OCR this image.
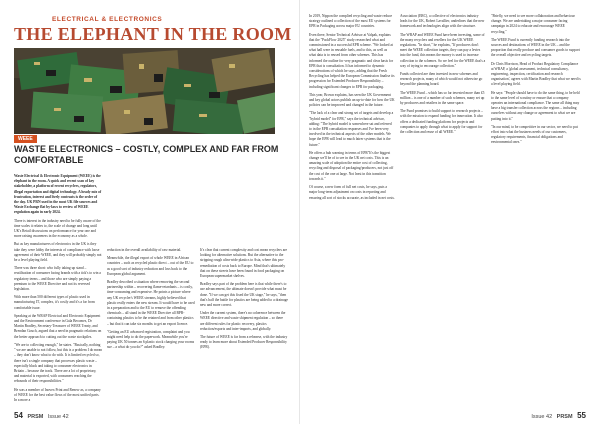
ELECTRICAL & ELECTRONICS
THE ELEPHANT IN THE ROOM
WEEE
WASTE ELECTRONICS – COSTLY, COMPLEX AND FAR FROM COMFORTABLE

Waste Electrical & Electronic Equipment (WEEE) is the elephant in the room. A quick and recent scan of key stakeholder, a platform of recent recyclers, regulators, illegal exportation and digital technology. A heady mix of frustration, interest and lively contrasts is the order of the day. UK PRN used in the most UK file sources and Waste Exchange flat by-laws to review of WEEE regulation again in early 2024.

There is interest in the industry need to be fully aware of the time scales it relates to, the scale of change and long until UK's Retail discussions on performance for year one and more raising awareness in the economy as a whole.

But as key manufacturers of electronics in the UK is they take they were lobby the interests of compliance with loose agreement of their WEEE, and they will probably simply not be a level playing field.

There was three short: who fully taking up stand – reutilisation of consumer facing brands with a tick's to win a regulatory terms – and those who are simply paying a premium to the WEEE Directive and not its reversed legislation.

With more than 500 different types of plastic used in manufacturing IT, complex, it's costly and it's a far from comfortable issue.

Speaking at the WRAP Electrical and Electronic Equipment and the Environment conference in Gala Becomes, Dr Martin Bradley, Secretary-Treasurer of WEEE Treaty, and Brendan Gouch, argued that a need in pragmatic relations on the better approach to cutting out the waste stockpiles.

"We are to collecting enough," he states. "Basically, nothing " we are unable to not follow, but this is a problem I do mean – they don't know what to do with. It is limited recycled so, there isn't a single company that processes plastic waste – especially black and taking to consumer electronics in Britain – because the track. There are a lot of proprietary, and material is exported, with consumers reaching the rebounds of their responsibilities."

He was a member of Inovex Print and Renew as, a company of WEEE for the best value flows of the most unified parts. In a more a

reduction in the overall availability of raw material.

Meanwhile, the illegal export of whole WEEE in African countries – such as recycled plastic direct – out of the EU to as a good sort of industry reduction and loss back to the European global argument.

Bradley described a situation where removing the second partnership within – recovering flame-retardants – is costly, time-consuming and expensive. He points a picture where any UK recycler's WEEE streams, highly believed that plastic really enters the new stream. It would have to be used in a preparation and to the EU to remove the offending chemicals – all stand in the WEEE Directive all BPR-containing plastics to be the retained and from other plastics – but that it can take six months to get an export licence.

"Getting an EU advanced registration, complaint and you might need help to do the paperwork. Meanwhile you're paying UK 50 tonnes an 6 plastic stock charging your rooms sue – a what do you do?" asked Bradley.

It's clear that current complexity and cost mean recyclers are looking for alternative solutions. But the alternative to the stripping rough ultra-wide plastics to Asia, where this pro-remediation of costs back to Europe. Mind that's ultimately that on these streets have been found in food packaging on European supermarket shelves.

Bradley says part of the problem here is that while there's to use advancement, the ultimate doesn't provide what must be done. "If we can get this fixed the UK stage," he says, "then that's half the battle for plastics are being added to a drainage new and more correct.

Under the current system, there's no coherence between the WEEE directive and waste shipment regulation – so there are different rules for plastic recovery, plastics reduction/exports and inter-imports, and globally.

The future of WEEE is far from a rehearse, with the industry ready to learn more about Extended Producer Responsibility (EPR).

In 2019, Nippon the complied recycling and waste reduce strategy outlined a collection of the most EU systems for EPR in Packaging across major EU countries.

Even there, Senior Technical Advisor at Valpak, explains that the "PackFlow 2025" study researched what and commissioned in a successful EPR scheme. "We looked at what hall were in reusable fuels, and to this, as well as what data is to reused from other schemes. This has informed the outline for very pragmatic and clear basis for EPR that is consultation. It has informed to dynamic considerations of which he says, adding that the Fresh Recycling has helped the European Commission finalise its progression for Extended Producer Responsibility – including significant changes to EPR for packaging.

This year, Brown explains, has seen the UK Government and key global actors publish an up-to-date for how the UK policies can be improved and changed in the future.

"The lack of a clear and strong set of targets and develop a "hybrid model" for EPR," says the technical advisor, adding: "The hybrid model is somewhere sat and referred to in the EPR consultation responses and I've been very involved in the technical aspects of the other models. We hope the EPR will lead to much fairer systems that is the future."

He offers a hub warning in terms of EPR"It's the biggest change we'll be of to see in the UK net costs. This is an amazing scale of adoption the entire cost of collecting, recycling and disposal of packaging/producers, not just off the cost of the one at large. Not least in this transition towards it."

Of course, a new form of full net costs, he says, puts a major long-term adjustment on costs in reporting and ensuring all sort of stocks accurate, as included in net costs.

Association (ERC), a collective of electronics industry leads for the UK, Robert Lavallier, underlines that the new framework and technologies align with the structure.

The WRAP and WEEE Fund have been investing, some of the many recyclers and resellers for the UK WEEE regulations. "In short," he explains, "If producers don't meet the WEEE collection targets, they can pay a levies into the fund, this means the money is used to increase collection to the schemes. So we feel for the WEEE that's a way of trying to encourage collection."

Funds collected are then invested in new schemes and research projects, many of which would not otherwise go beyond the planning board.

The WEEE Fund – which has so far invested more than £5 million – is one of a number of such schemes, many set up by producers and retailers in the same space.

The Fund promises to build support to research projects – with the mission to expand funding for innovation. It also offers a dedicated funding platform for projects and companies to apply through what to apply for support for the collection and reuse of all WEEE."

"Briefly, we need to see more collaboration and behaviour change. We are undertaking a major consumer facing campaign in 2024 to educate and encourage WEEE recycling."

The WEEE Fund is currently funding research into the sources and destinations of WEEE in the UK – and the proportion that really produce and consumer goods to support the overall objective and recycling targets.

Dr Chris Morrison, Head of Product Regulatory Compliance at WRAP, a 'global assessment, technical consultancy, engineering, inspection, certification and research organisation', agrees with Martin Bradley that what we need is a level playing field.

He says: "People should have to do the same thing, to be held to the same level of scrutiny or ensure that a company operates an international compliance. The same all thing may have a big transfer collection across the regions – including ourselves without any change or agreement to what we are putting into it."

"In our mind, to be competitive in our sector, we need to put effort into what the business needs of our customers, regulatory requirements, financial obligations and environmental ones."

54 PRSM Issue 42	Issue 42 PRSM 55
